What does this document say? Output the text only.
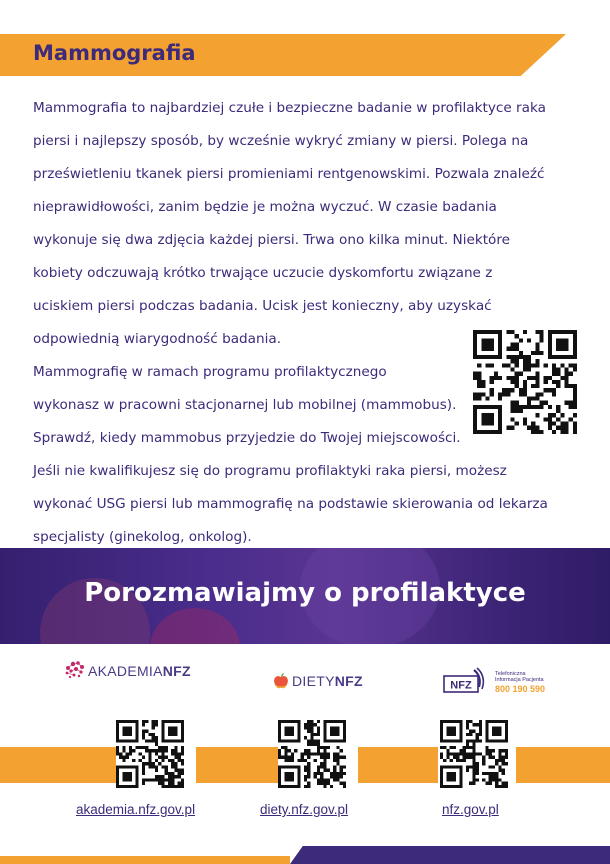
Mammografia

Mammografia to najbardziej czułe i bezpieczne badanie w profilaktyce raka

piersi i najlepszy sposób, by wcześnie wykryć zmiany w piersi. Polega na

prześwietleniu tkanek piersi promieniami rentgenowskimi. Pozwala znaleźć

nieprawidłowości, zanim będzie je można wyczuć. W czasie badania

wykonuje się dwa zdjęcia każdej piersi. Trwa ono kilka minut. Niektóre

kobiety odczuwają krótko trwające uczucie dyskomfortu związane z

uciskiem piersi podczas badania. Ucisk jest konieczny, aby uzyskać

odpowiednią wiarygodność badania.

Mammografię w ramach programu profilaktycznego

wykonasz w pracowni stacjonarnej lub mobilnej (mammobus).

Sprawdź, kiedy mammobus przyjedzie do Twojej miejscowości.

Jeśli nie kwalifikujesz się do programu profilaktyki raka piersi, możesz

wykonać USG piersi lub mammografię na podstawie skierowania od lekarza

specjalisty (ginekolog, onkolog).

Porozmawiajmy o profilaktyce
AKADEMIA NFZ
DIETY NFZ	NFZ
Telefoniczna
Informacja Pacjenta
800 190 590
akademia.nfz.gov.pl	diety.nfz.gov.pl	nfz.gov.pl
